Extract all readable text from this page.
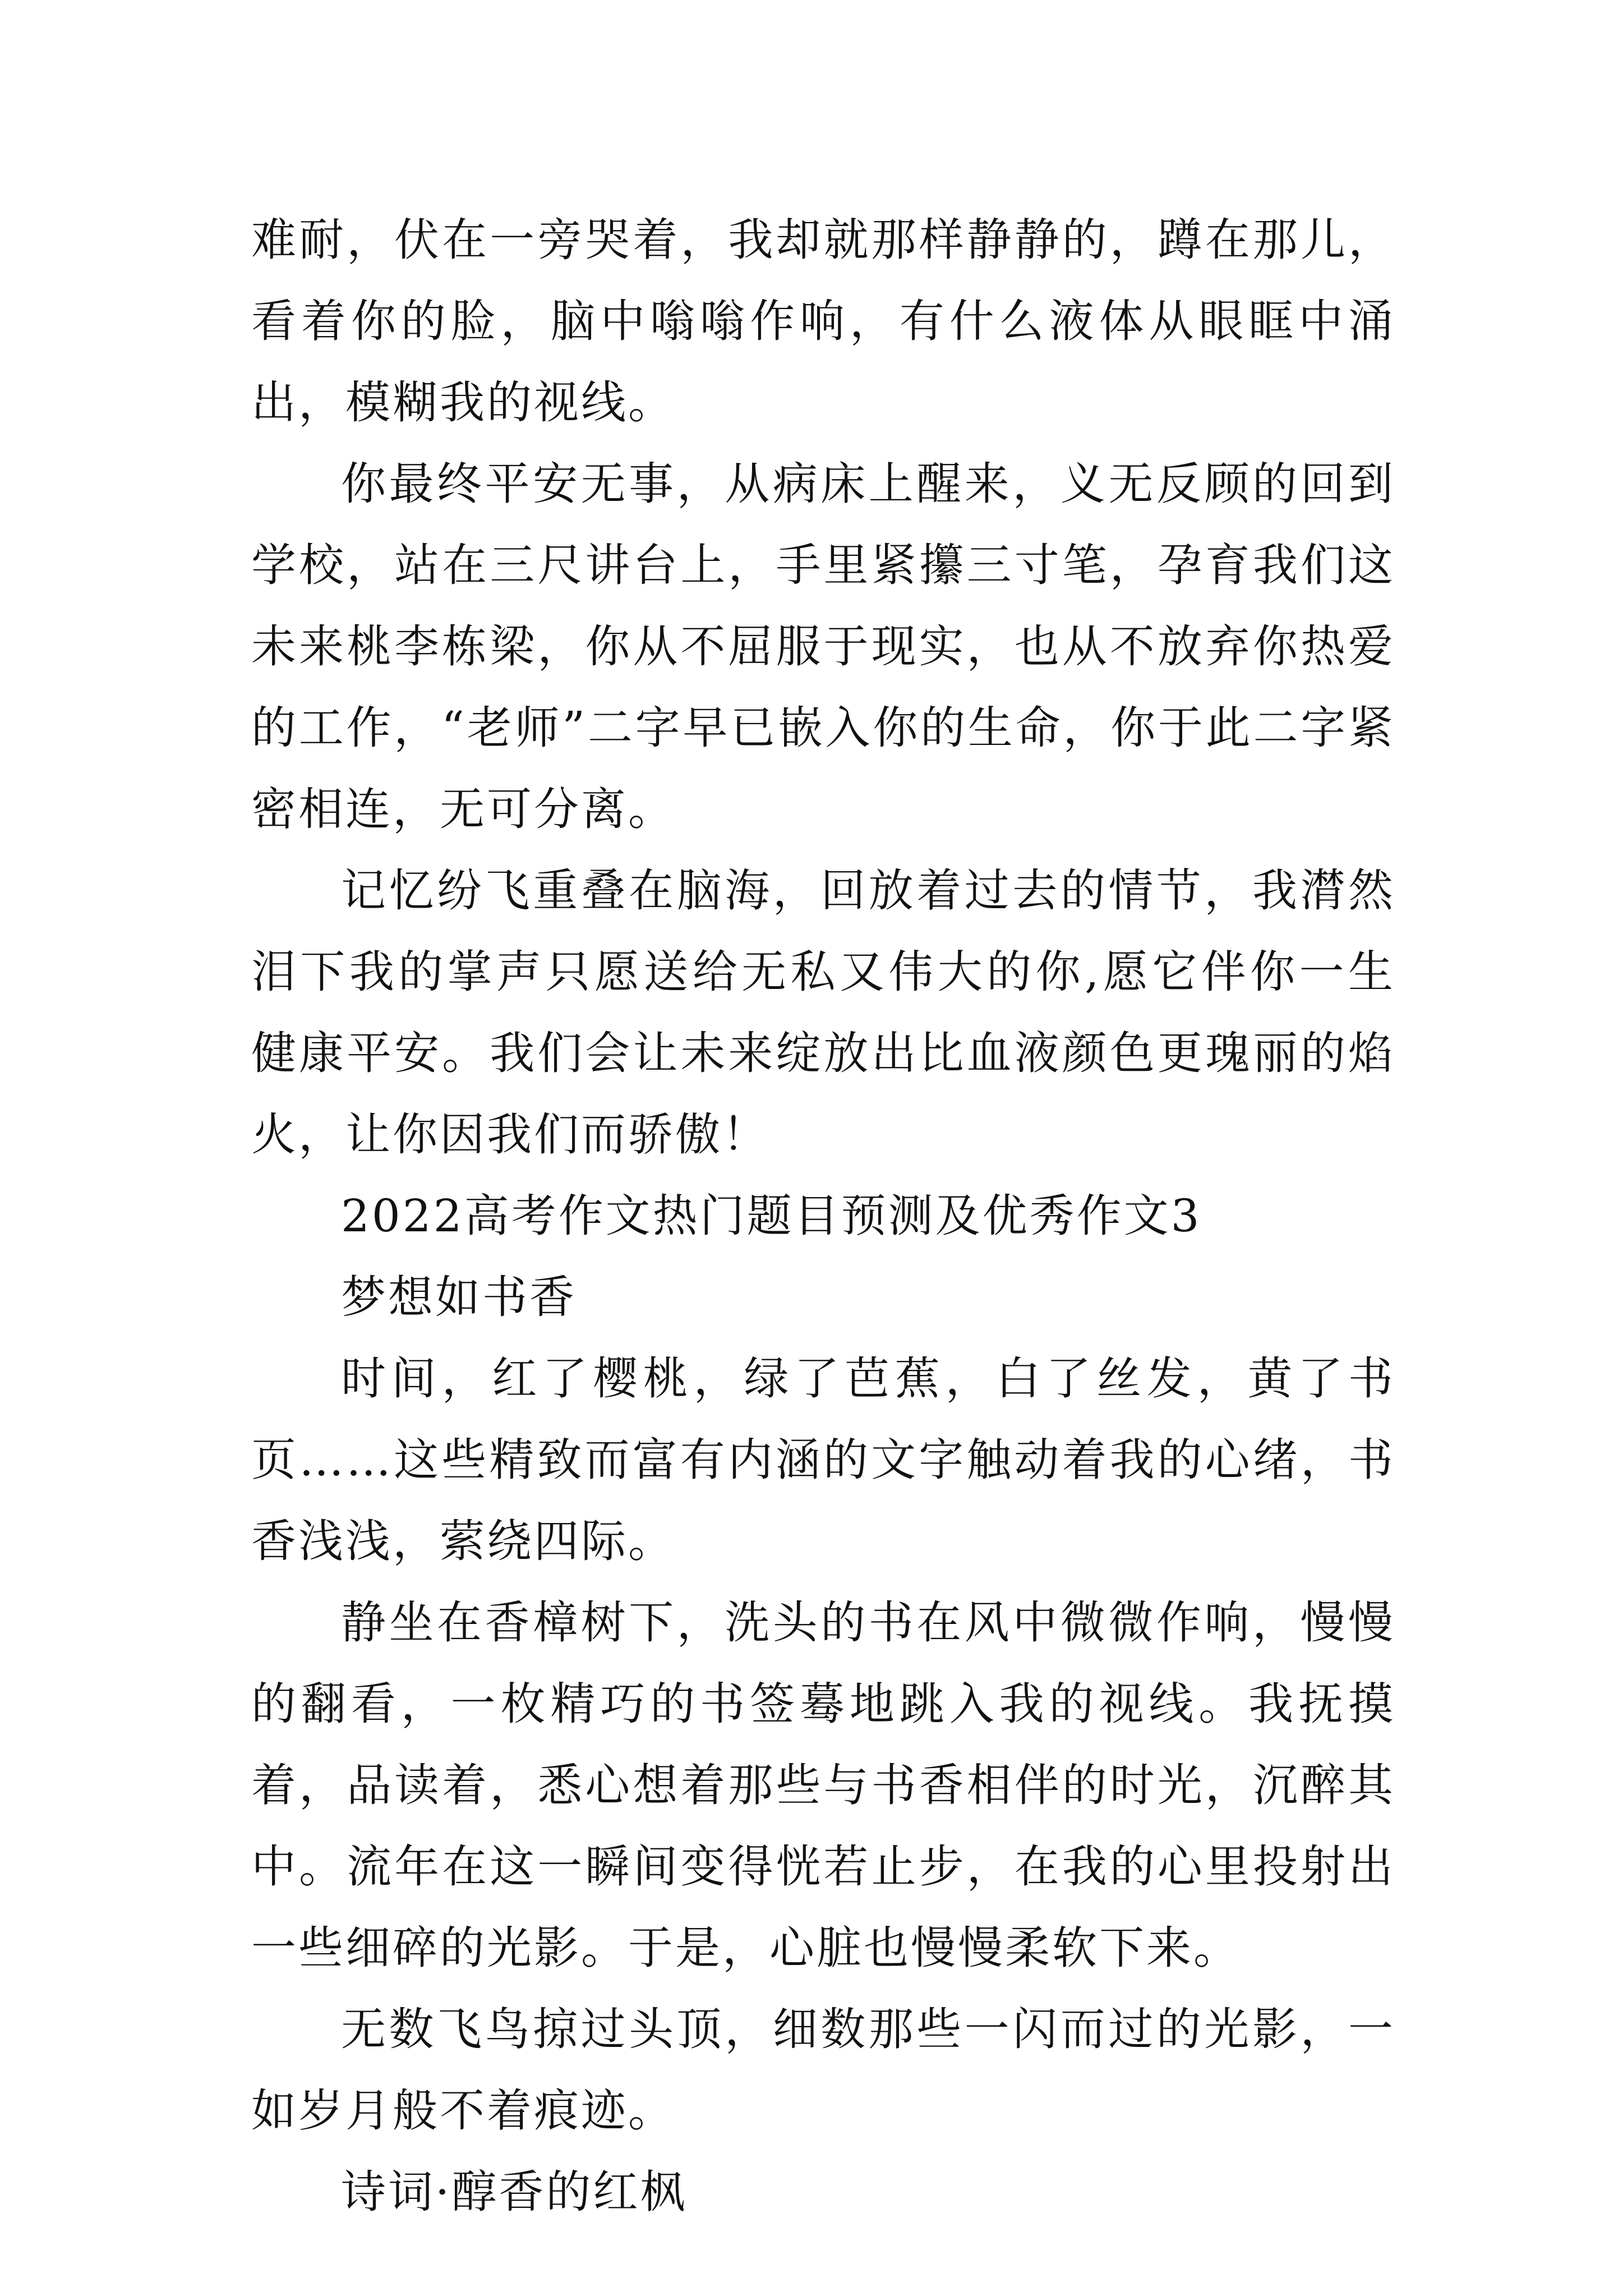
难耐，伏在一旁哭着，我却就那样静静的，蹲在那儿，看着你的脸，脑中嗡嗡作响，有什么液体从眼眶中涌出，模糊我的视线。

你最终平安无事，从病床上醒来，义无反顾的回到学校，站在三尺讲台上，手里紧攥三寸笔，孕育我们这未来桃李栋梁，你从不屈服于现实，也从不放弃你热爱的工作，“老师”二字早已嵌入你的生命，你于此二字紧密相连，无可分离。

记忆纷飞重叠在脑海，回放着过去的情节，我潸然泪下我的掌声只愿送给无私又伟大的你,愿它伴你一生健康平安。我们会让未来绽放出比血液颜色更瑰丽的焰火，让你因我们而骄傲！

2022高考作文热门题目预测及优秀作文3

梦想如书香

时间，红了樱桃，绿了芭蕉，白了丝发，黄了书页……这些精致而富有内涵的文字触动着我的心绪，书香浅浅，萦绕四际。

静坐在香樟树下，洗头的书在风中微微作响，慢慢的翻看，一枚精巧的书签蓦地跳入我的视线。我抚摸着，品读着，悉心想着那些与书香相伴的时光，沉醉其中。流年在这一瞬间变得恍若止步，在我的心里投射出一些细碎的光影。于是，心脏也慢慢柔软下来。

无数飞鸟掠过头顶，细数那些一闪而过的光影，一如岁月般不着痕迹。

诗词·醇香的红枫
